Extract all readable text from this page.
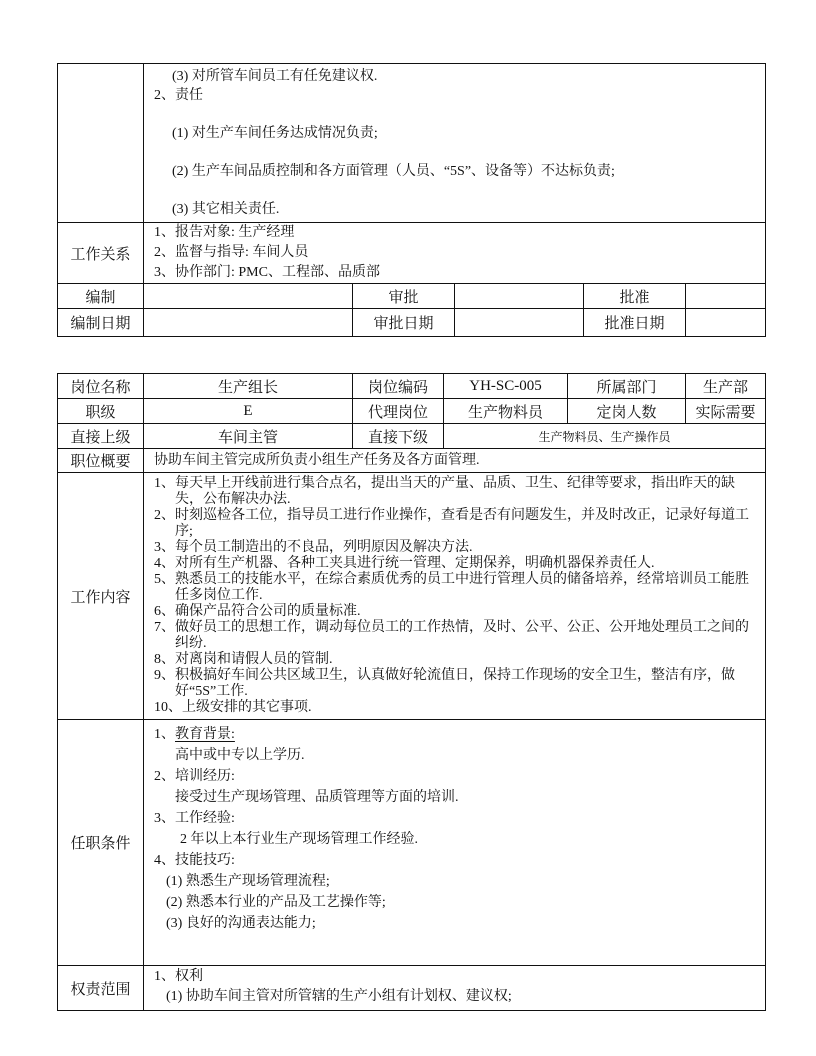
	(3) 对所管车间员工有任免建议权.
2、责任
(1) 对生产车间任务达成情况负责;
(2) 生产车间品质控制和各方面管理（人员、“5S”、设备等）不达标负责;
(3) 其它相关责任.				

工作关系	1、报告对象: 生产经理
2、监督与指导: 车间人员
3、协作部门: PMC、工程部、品质部				

编制		审批		批准	
编制日期		审批日期		批准日期	
岗位名称	生产组长	岗位编码	YH-SC-005	所属部门	生产部
职级	E	代理岗位	生产物料员	定岗人数	实际需要
直接上级	车间主管	直接下级	生产物料员、生产操作员		
职位概要	协助车间主管完成所负责小组生产任务及各方面管理.				
工作内容	
1、每天早上开线前进行集合点名，提出当天的产量、品质、卫生、纪律等要求，指出昨天的缺失，公布解决办法.
2、时刻巡检各工位，指导员工进行作业操作，查看是否有问题发生，并及时改正，记录好每道工序;
3、每个员工制造出的不良品，列明原因及解决方法.
4、对所有生产机器、各种工夹具进行统一管理、定期保养，明确机器保养责任人.
5、熟悉员工的技能水平，在综合素质优秀的员工中进行管理人员的储备培养，经常培训员工能胜任多岗位工作.
6、确保产品符合公司的质量标准.
7、做好员工的思想工作，调动每位员工的工作热情，及时、公平、公正、公开地处理员工之间的纠纷.
8、对离岗和请假人员的管制.
9、积极搞好车间公共区域卫生，认真做好轮流值日，保持工作现场的安全卫生，整洁有序，做好“5S”工作.
10、上级安排的其它事项.

任职条件	
1、教育背景:
高中或中专以上学历.
2、培训经历:
接受过生产现场管理、品质管理等方面的培训.
3、工作经验:
2 年以上本行业生产现场管理工作经验.
4、技能技巧:
(1) 熟悉生产现场管理流程;
(2) 熟悉本行业的产品及工艺操作等;
(3) 良好的沟通表达能力;

权责范围	1、权利
(1) 协助车间主管对所管辖的生产小组有计划权、建议权;				
